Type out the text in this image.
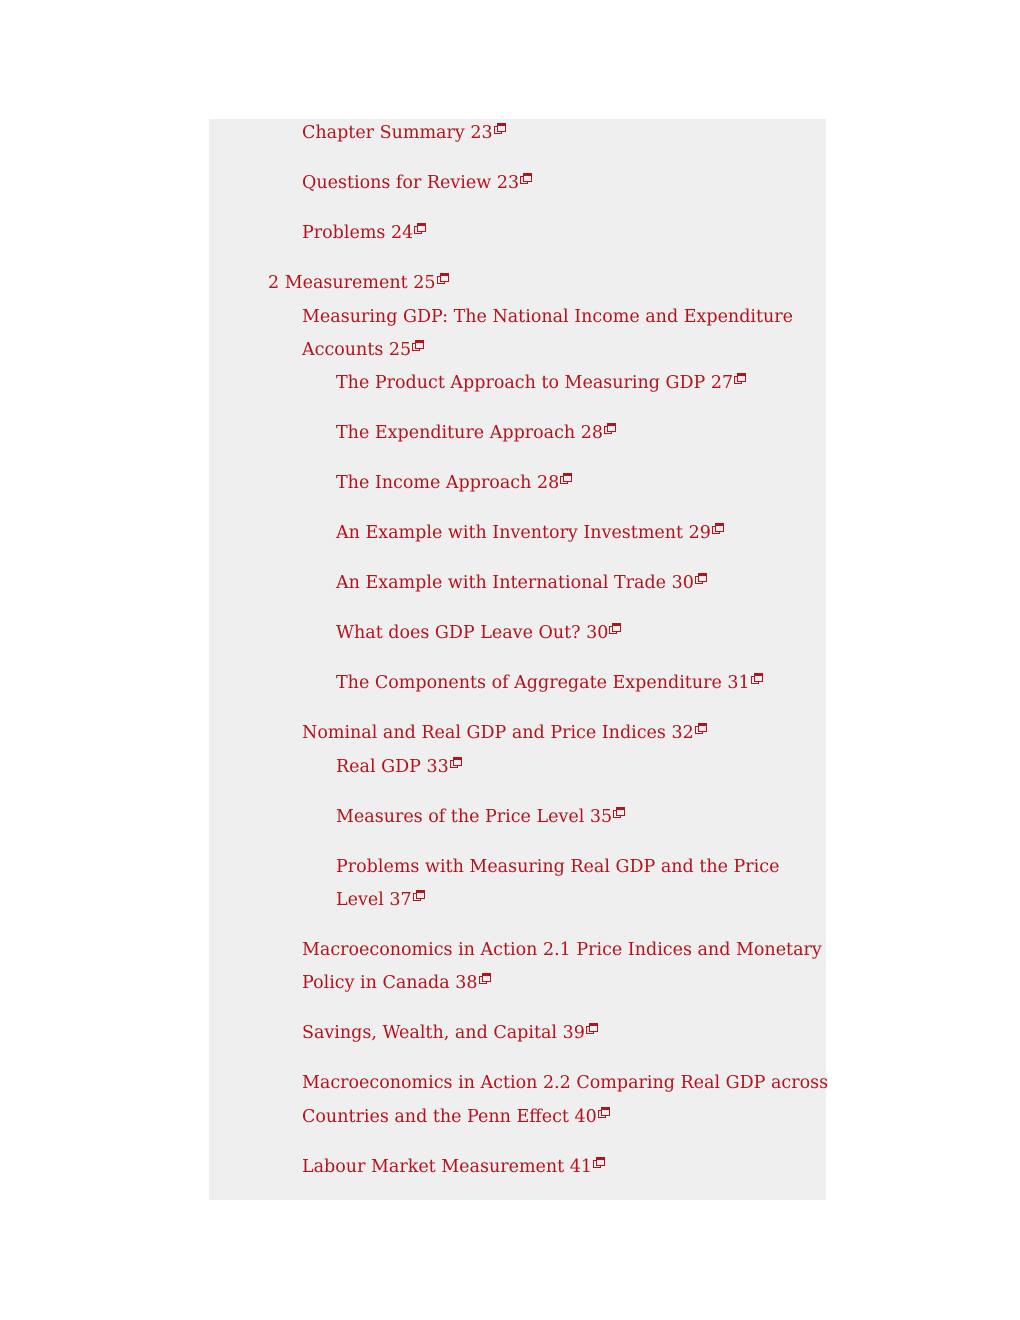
Chapter Summary 23
Questions for Review 23
Problems 24
2 Measurement 25
Measuring GDP: The National Income and Expenditure
Accounts 25
The Product Approach to Measuring GDP 27
The Expenditure Approach 28
The Income Approach 28
An Example with Inventory Investment 29
An Example with International Trade 30
What does GDP Leave Out? 30
The Components of Aggregate Expenditure 31
Nominal and Real GDP and Price Indices 32
Real GDP 33
Measures of the Price Level 35
Problems with Measuring Real GDP and the Price
Level 37
Macroeconomics in Action 2.1 Price Indices and Monetary
Policy in Canada 38
Savings, Wealth, and Capital 39
Macroeconomics in Action 2.2 Comparing Real GDP across
Countries and the Penn Effect 40
Labour Market Measurement 41
